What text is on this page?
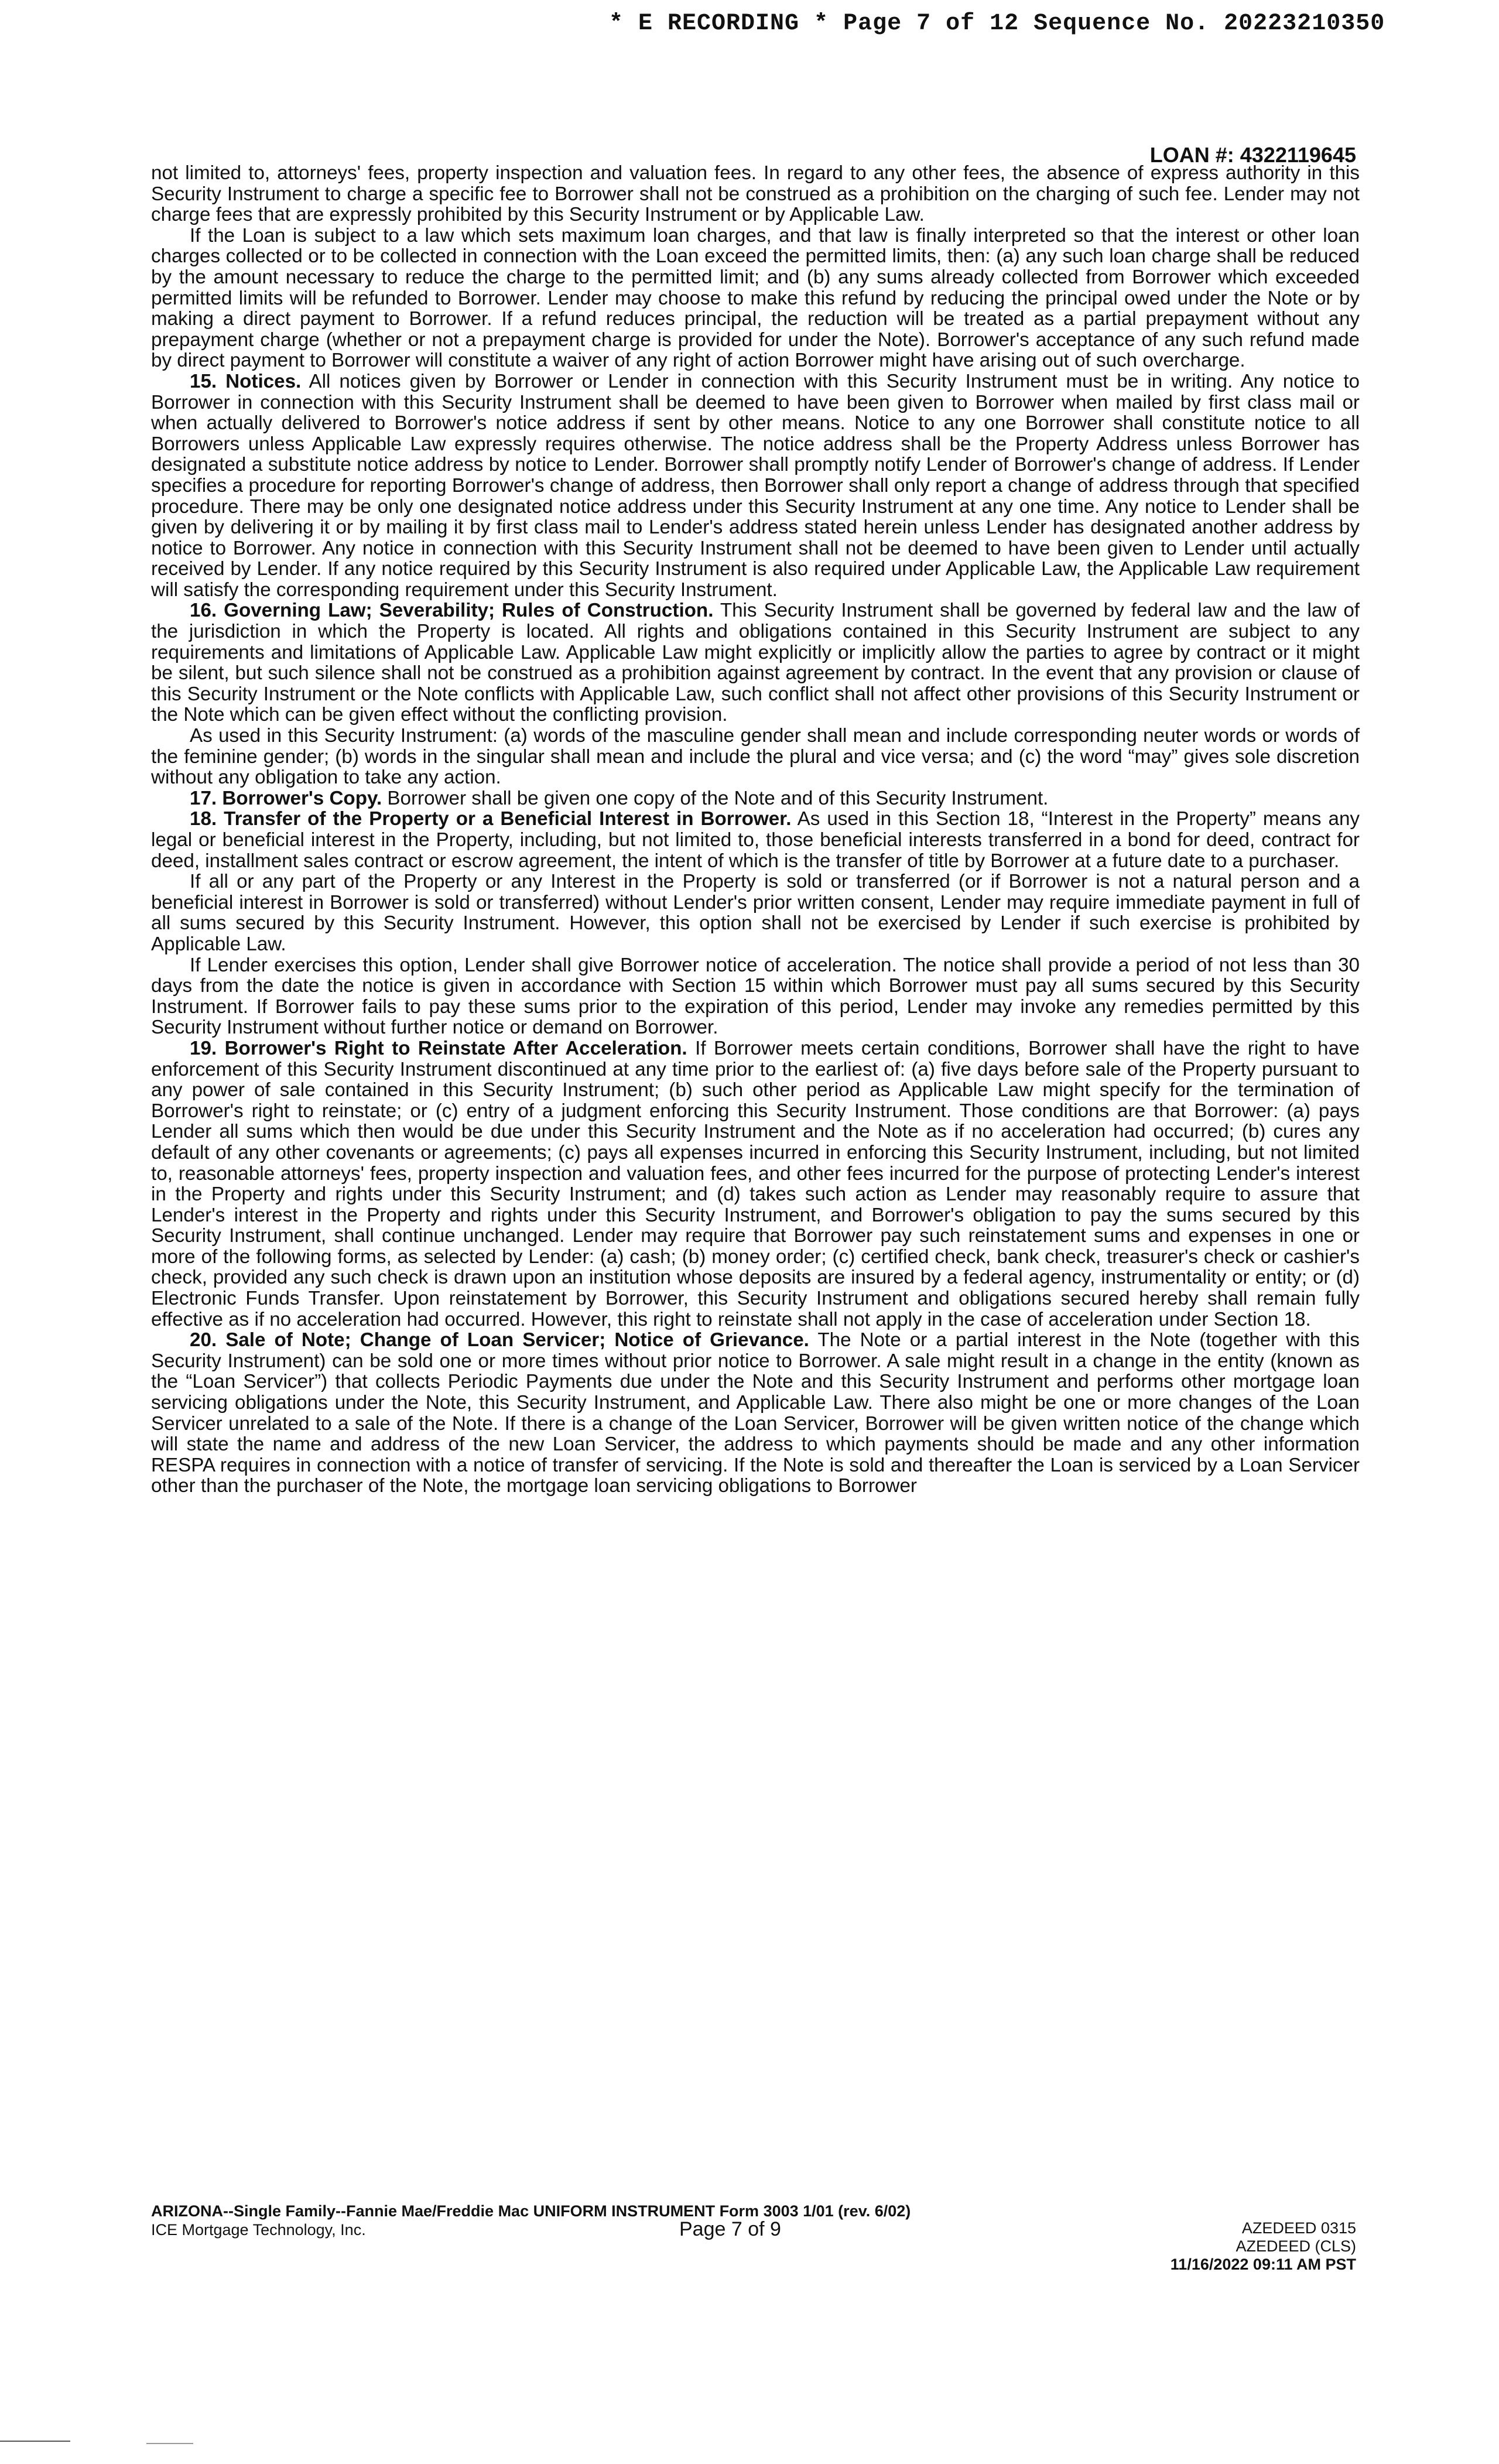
* E RECORDING * Page 7 of 12 Sequence No. 20223210350
LOAN #: 4322119645

not limited to, attorneys' fees, property inspection and valuation fees. In regard to any other fees, the absence of express authority in this Security Instrument to charge a specific fee to Borrower shall not be construed as a prohibition on the charging of such fee. Lender may not charge fees that are expressly prohibited by this Security Instrument or by Applicable Law.

If the Loan is subject to a law which sets maximum loan charges, and that law is finally interpreted so that the interest or other loan charges collected or to be collected in connection with the Loan exceed the permitted limits, then: (a) any such loan charge shall be reduced by the amount necessary to reduce the charge to the permitted limit; and (b) any sums already collected from Borrower which exceeded permitted limits will be refunded to Borrower. Lender may choose to make this refund by reducing the principal owed under the Note or by making a direct payment to Borrower. If a refund reduces principal, the reduction will be treated as a partial prepayment without any prepayment charge (whether or not a prepayment charge is provided for under the Note). Borrower's acceptance of any such refund made by direct payment to Borrower will constitute a waiver of any right of action Borrower might have arising out of such overcharge.

15. Notices. All notices given by Borrower or Lender in connection with this Security Instrument must be in writing. Any notice to Borrower in connection with this Security Instrument shall be deemed to have been given to Borrower when mailed by first class mail or when actually delivered to Borrower's notice address if sent by other means. Notice to any one Borrower shall constitute notice to all Borrowers unless Applicable Law expressly requires otherwise. The notice address shall be the Property Address unless Borrower has designated a substitute notice address by notice to Lender. Borrower shall promptly notify Lender of Borrower's change of address. If Lender specifies a procedure for reporting Borrower's change of address, then Borrower shall only report a change of address through that specified procedure. There may be only one designated notice address under this Security Instrument at any one time. Any notice to Lender shall be given by delivering it or by mailing it by first class mail to Lender's address stated herein unless Lender has designated another address by notice to Borrower. Any notice in connection with this Security Instrument shall not be deemed to have been given to Lender until actually received by Lender. If any notice required by this Security Instrument is also required under Applicable Law, the Applicable Law requirement will satisfy the corresponding requirement under this Security Instrument.

16. Governing Law; Severability; Rules of Construction. This Security Instrument shall be governed by federal law and the law of the jurisdiction in which the Property is located. All rights and obligations contained in this Security Instrument are subject to any requirements and limitations of Applicable Law. Applicable Law might explicitly or implicitly allow the parties to agree by contract or it might be silent, but such silence shall not be construed as a prohibition against agreement by contract. In the event that any provision or clause of this Security Instrument or the Note conflicts with Applicable Law, such conflict shall not affect other provisions of this Security Instrument or the Note which can be given effect without the conflicting provision.

As used in this Security Instrument: (a) words of the masculine gender shall mean and include corresponding neuter words or words of the feminine gender; (b) words in the singular shall mean and include the plural and vice versa; and (c) the word “may” gives sole discretion without any obligation to take any action.

17. Borrower's Copy. Borrower shall be given one copy of the Note and of this Security Instrument.

18. Transfer of the Property or a Beneficial Interest in Borrower. As used in this Section 18, “Interest in the Property” means any legal or beneficial interest in the Property, including, but not limited to, those beneficial interests transferred in a bond for deed, contract for deed, installment sales contract or escrow agreement, the intent of which is the transfer of title by Borrower at a future date to a purchaser.

If all or any part of the Property or any Interest in the Property is sold or transferred (or if Borrower is not a natural person and a beneficial interest in Borrower is sold or transferred) without Lender's prior written consent, Lender may require immediate payment in full of all sums secured by this Security Instrument. However, this option shall not be exercised by Lender if such exercise is prohibited by Applicable Law.

If Lender exercises this option, Lender shall give Borrower notice of acceleration. The notice shall provide a period of not less than 30 days from the date the notice is given in accordance with Section 15 within which Borrower must pay all sums secured by this Security Instrument. If Borrower fails to pay these sums prior to the expiration of this period, Lender may invoke any remedies permitted by this Security Instrument without further notice or demand on Borrower.

19. Borrower's Right to Reinstate After Acceleration. If Borrower meets certain conditions, Borrower shall have the right to have enforcement of this Security Instrument discontinued at any time prior to the earliest of: (a) five days before sale of the Property pursuant to any power of sale contained in this Security Instrument; (b) such other period as Applicable Law might specify for the termination of Borrower's right to reinstate; or (c) entry of a judgment enforcing this Security Instrument. Those conditions are that Borrower: (a) pays Lender all sums which then would be due under this Security Instrument and the Note as if no acceleration had occurred; (b) cures any default of any other covenants or agreements; (c) pays all expenses incurred in enforcing this Security Instrument, including, but not limited to, reasonable attorneys' fees, property inspection and valuation fees, and other fees incurred for the purpose of protecting Lender's interest in the Property and rights under this Security Instrument; and (d) takes such action as Lender may reasonably require to assure that Lender's interest in the Property and rights under this Security Instrument, and Borrower's obligation to pay the sums secured by this Security Instrument, shall continue unchanged. Lender may require that Borrower pay such reinstatement sums and expenses in one or more of the following forms, as selected by Lender: (a) cash; (b) money order; (c) certified check, bank check, treasurer's check or cashier's check, provided any such check is drawn upon an institution whose deposits are insured by a federal agency, instrumentality or entity; or (d) Electronic Funds Transfer. Upon reinstatement by Borrower, this Security Instrument and obligations secured hereby shall remain fully effective as if no acceleration had occurred. However, this right to reinstate shall not apply in the case of acceleration under Section 18.

20. Sale of Note; Change of Loan Servicer; Notice of Grievance. The Note or a partial interest in the Note (together with this Security Instrument) can be sold one or more times without prior notice to Borrower. A sale might result in a change in the entity (known as the “Loan Servicer”) that collects Periodic Payments due under the Note and this Security Instrument and performs other mortgage loan servicing obligations under the Note, this Security Instrument, and Applicable Law. There also might be one or more changes of the Loan Servicer unrelated to a sale of the Note. If there is a change of the Loan Servicer, Borrower will be given written notice of the change which will state the name and address of the new Loan Servicer, the address to which payments should be made and any other information RESPA requires in connection with a notice of transfer of servicing. If the Note is sold and thereafter the Loan is serviced by a Loan Servicer other than the purchaser of the Note, the mortgage loan servicing obligations to Borrower

ARIZONA--Single Family--Fannie Mae/Freddie Mac UNIFORM INSTRUMENT Form 3003 1/01 (rev. 6/02)
ICE Mortgage Technology, Inc.	Page 7 of 9	AZEDEED 0315
AZEDEED (CLS)
11/16/2022 09:11 AM PST
